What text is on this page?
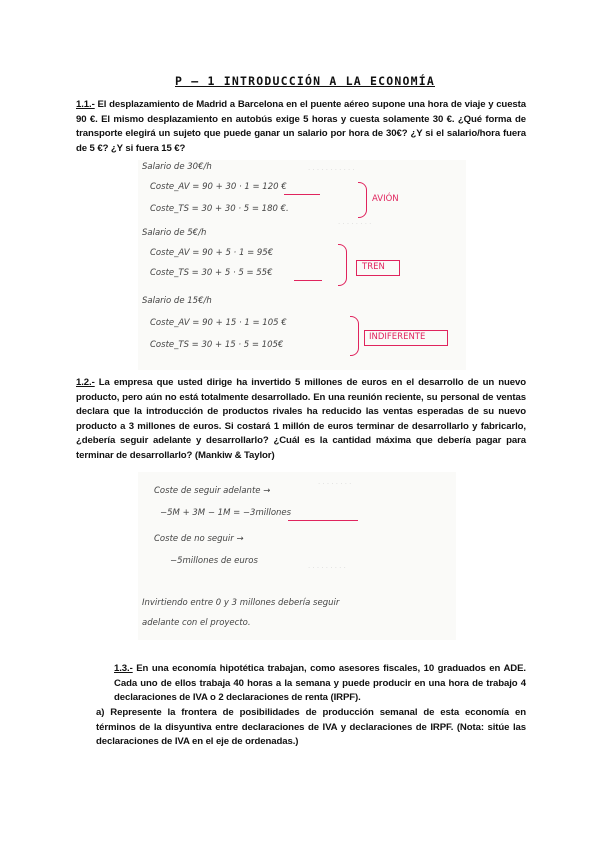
P – 1 INTRODUCCIÓN A LA ECONOMÍA
1.1.- El desplazamiento de Madrid a Barcelona en el puente aéreo supone una hora de viaje y cuesta 90 €. El mismo desplazamiento en autobús exige 5 horas y cuesta solamente 30 €. ¿Qué forma de transporte elegirá un sujeto que puede ganar un salario por hora de 30€? ¿Y si el salario/hora fuera de 5 €? ¿Y si fuera 15 €?
· · · · · · · · · · ·
· · · · · · · ·
Salario de 30€/h
Coste_AV = 90 + 30 · 1 = 120 €
Coste_TS = 30 + 30 · 5 = 180 €.
AVIÓN
Salario de 5€/h
Coste_AV = 90 + 5 · 1 = 95€
Coste_TS = 30 + 5 · 5 = 55€
TREN
Salario de 15€/h
Coste_AV = 90 + 15 · 1 = 105 €
Coste_TS = 30 + 15 · 5 = 105€
INDIFERENTE
1.2.- La empresa que usted dirige ha invertido 5 millones de euros en el desarrollo de un nuevo producto, pero aún no está totalmente desarrollado. En una reunión reciente, su personal de ventas declara que la introducción de productos rivales ha reducido las ventas esperadas de su nuevo producto a 3 millones de euros. Si costará 1 millón de euros terminar de desarrollarlo y fabricarlo, ¿debería seguir adelante y desarrollarlo? ¿Cuál es la cantidad máxima que debería pagar para terminar de desarrollarlo? (Mankiw & Taylor)
· · · · · · · ·
· · · · · · · · ·
Coste de seguir adelante →
−5M + 3M − 1M = −3millones
Coste de no seguir →
−5millones de euros
Invirtiendo entre 0 y 3 millones debería seguir
adelante con el proyecto.
1.3.- En una economía hipotética trabajan, como asesores fiscales, 10 graduados en ADE. Cada uno de ellos trabaja 40 horas a la semana y puede producir en una hora de trabajo 4 declaraciones de IVA o 2 declaraciones de renta (IRPF).
a) Represente la frontera de posibilidades de producción semanal de esta economía en términos de la disyuntiva entre declaraciones de IVA y declaraciones de IRPF. (Nota: sitúe las declaraciones de IVA en el eje de ordenadas.)
